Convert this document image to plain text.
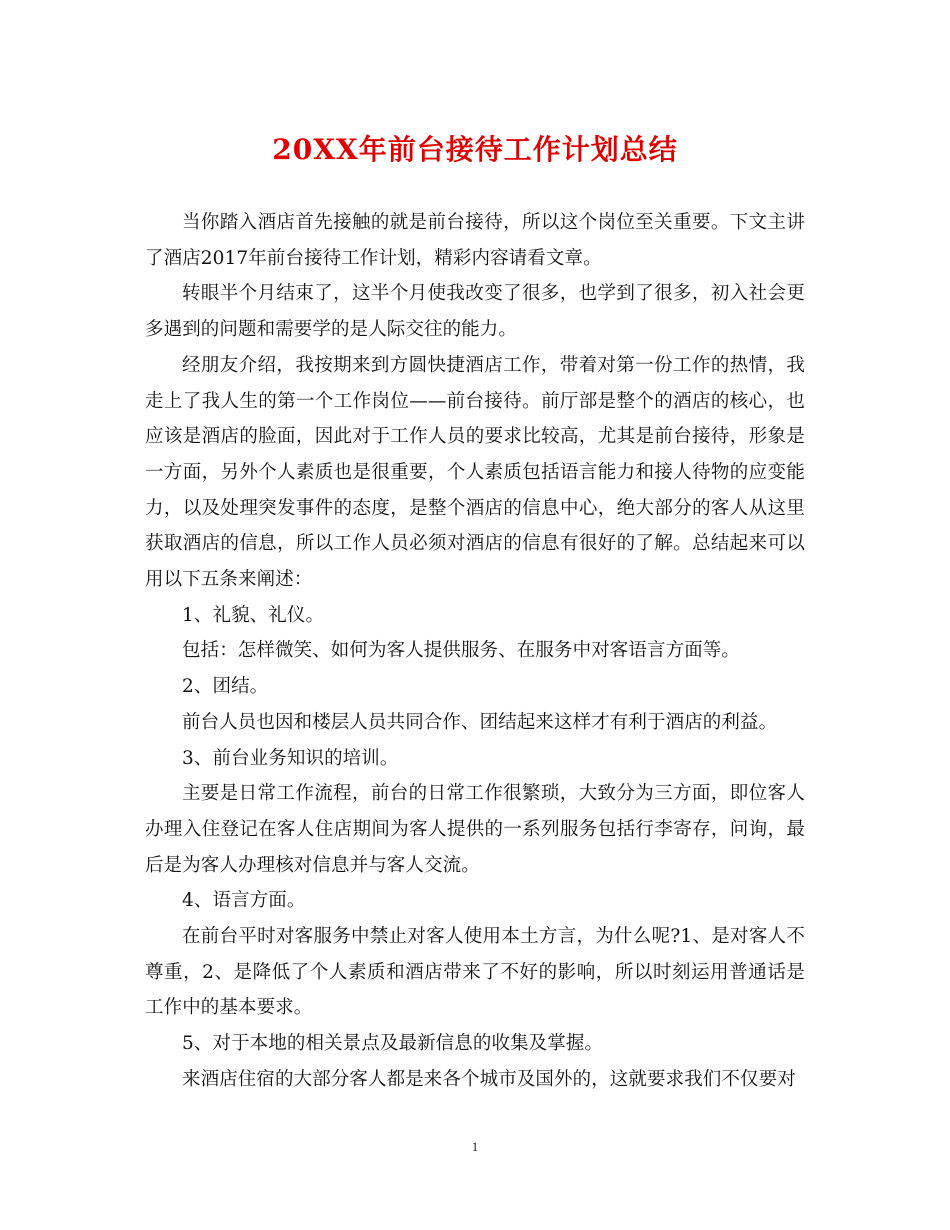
20XX年前台接待工作计划总结

当你踏入酒店首先接触的就是前台接待，所以这个岗位至关重要。下文主讲了酒店2017年前台接待工作计划，精彩内容请看文章。

转眼半个月结束了，这半个月使我改变了很多，也学到了很多，初入社会更多遇到的问题和需要学的是人际交往的能力。

经朋友介绍，我按期来到方圆快捷酒店工作，带着对第一份工作的热情，我走上了我人生的第一个工作岗位——前台接待。前厅部是整个的酒店的核心，也应该是酒店的脸面，因此对于工作人员的要求比较高，尤其是前台接待，形象是一方面，另外个人素质也是很重要，个人素质包括语言能力和接人待物的应变能力，以及处理突发事件的态度，是整个酒店的信息中心，绝大部分的客人从这里获取酒店的信息，所以工作人员必须对酒店的信息有很好的了解。总结起来可以用以下五条来阐述：

1、礼貌、礼仪。

包括：怎样微笑、如何为客人提供服务、在服务中对客语言方面等。

2、团结。

前台人员也因和楼层人员共同合作、团结起来这样才有利于酒店的利益。

3、前台业务知识的培训。

主要是日常工作流程，前台的日常工作很繁琐，大致分为三方面，即位客人办理入住登记在客人住店期间为客人提供的一系列服务包括行李寄存，问询，最后是为客人办理核对信息并与客人交流。

4、语言方面。

在前台平时对客服务中禁止对客人使用本土方言，为什么呢?1、是对客人不尊重，2、是降低了个人素质和酒店带来了不好的影响，所以时刻运用普通话是工作中的基本要求。

5、对于本地的相关景点及最新信息的收集及掌握。

来酒店住宿的大部分客人都是来各个城市及国外的，这就要求我们不仅要对

1
